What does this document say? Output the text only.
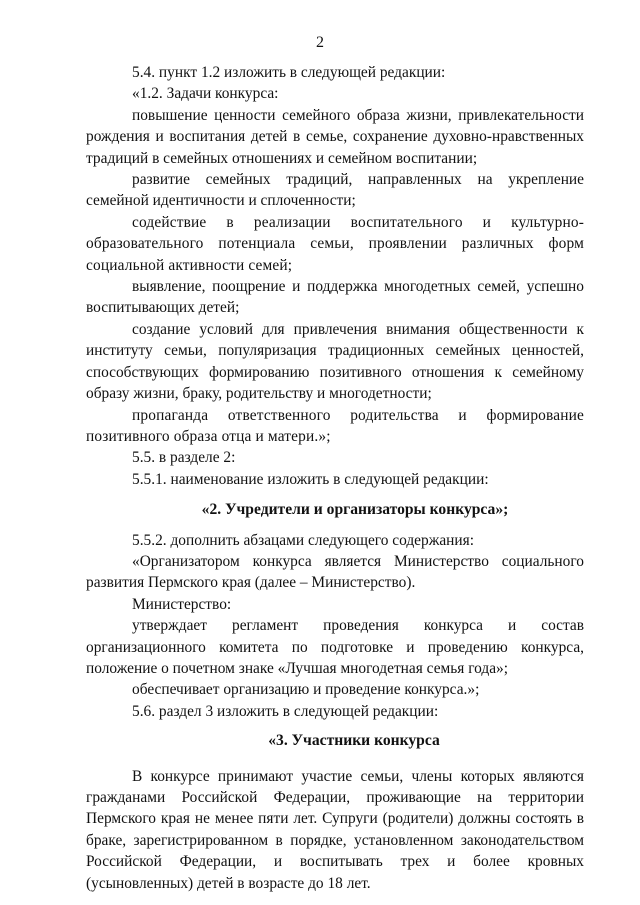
2

5.4. пункт 1.2 изложить в следующей редакции:

«1.2. Задачи конкурса:

повышение ценности семейного образа жизни, привлекательности рождения и воспитания детей в семье, сохранение духовно-нравственных традиций в семейных отношениях и семейном воспитании;

развитие семейных традиций, направленных на укрепление семейной идентичности и сплоченности;

содействие в реализации воспитательного и культурно-образовательного потенциала семьи, проявлении различных форм социальной активности семей;

выявление, поощрение и поддержка многодетных семей, успешно воспитывающих детей;

создание условий для привлечения внимания общественности к институту семьи, популяризация традиционных семейных ценностей, способствующих формированию позитивного отношения к семейному образу жизни, браку, родительству и многодетности;

пропаганда ответственного родительства и формирование позитивного образа отца и матери.»;

5.5. в разделе 2:

5.5.1. наименование изложить в следующей редакции:

«2. Учредители и организаторы конкурса»;

5.5.2. дополнить абзацами следующего содержания:

«Организатором конкурса является Министерство социального развития Пермского края (далее – Министерство).

Министерство:

утверждает регламент проведения конкурса и состав организационного комитета по подготовке и проведению конкурса, положение о почетном знаке «Лучшая многодетная семья года»;

обеспечивает организацию и проведение конкурса.»;

5.6. раздел 3 изложить в следующей редакции:

«3. Участники конкурса

В конкурсе принимают участие семьи, члены которых являются гражданами Российской Федерации, проживающие на территории Пермского края не менее пяти лет. Супруги (родители) должны состоять в браке, зарегистрированном в порядке, установленном законодательством Российской Федерации, и воспитывать трех и более кровных (усыновленных) детей в возрасте до 18 лет.
